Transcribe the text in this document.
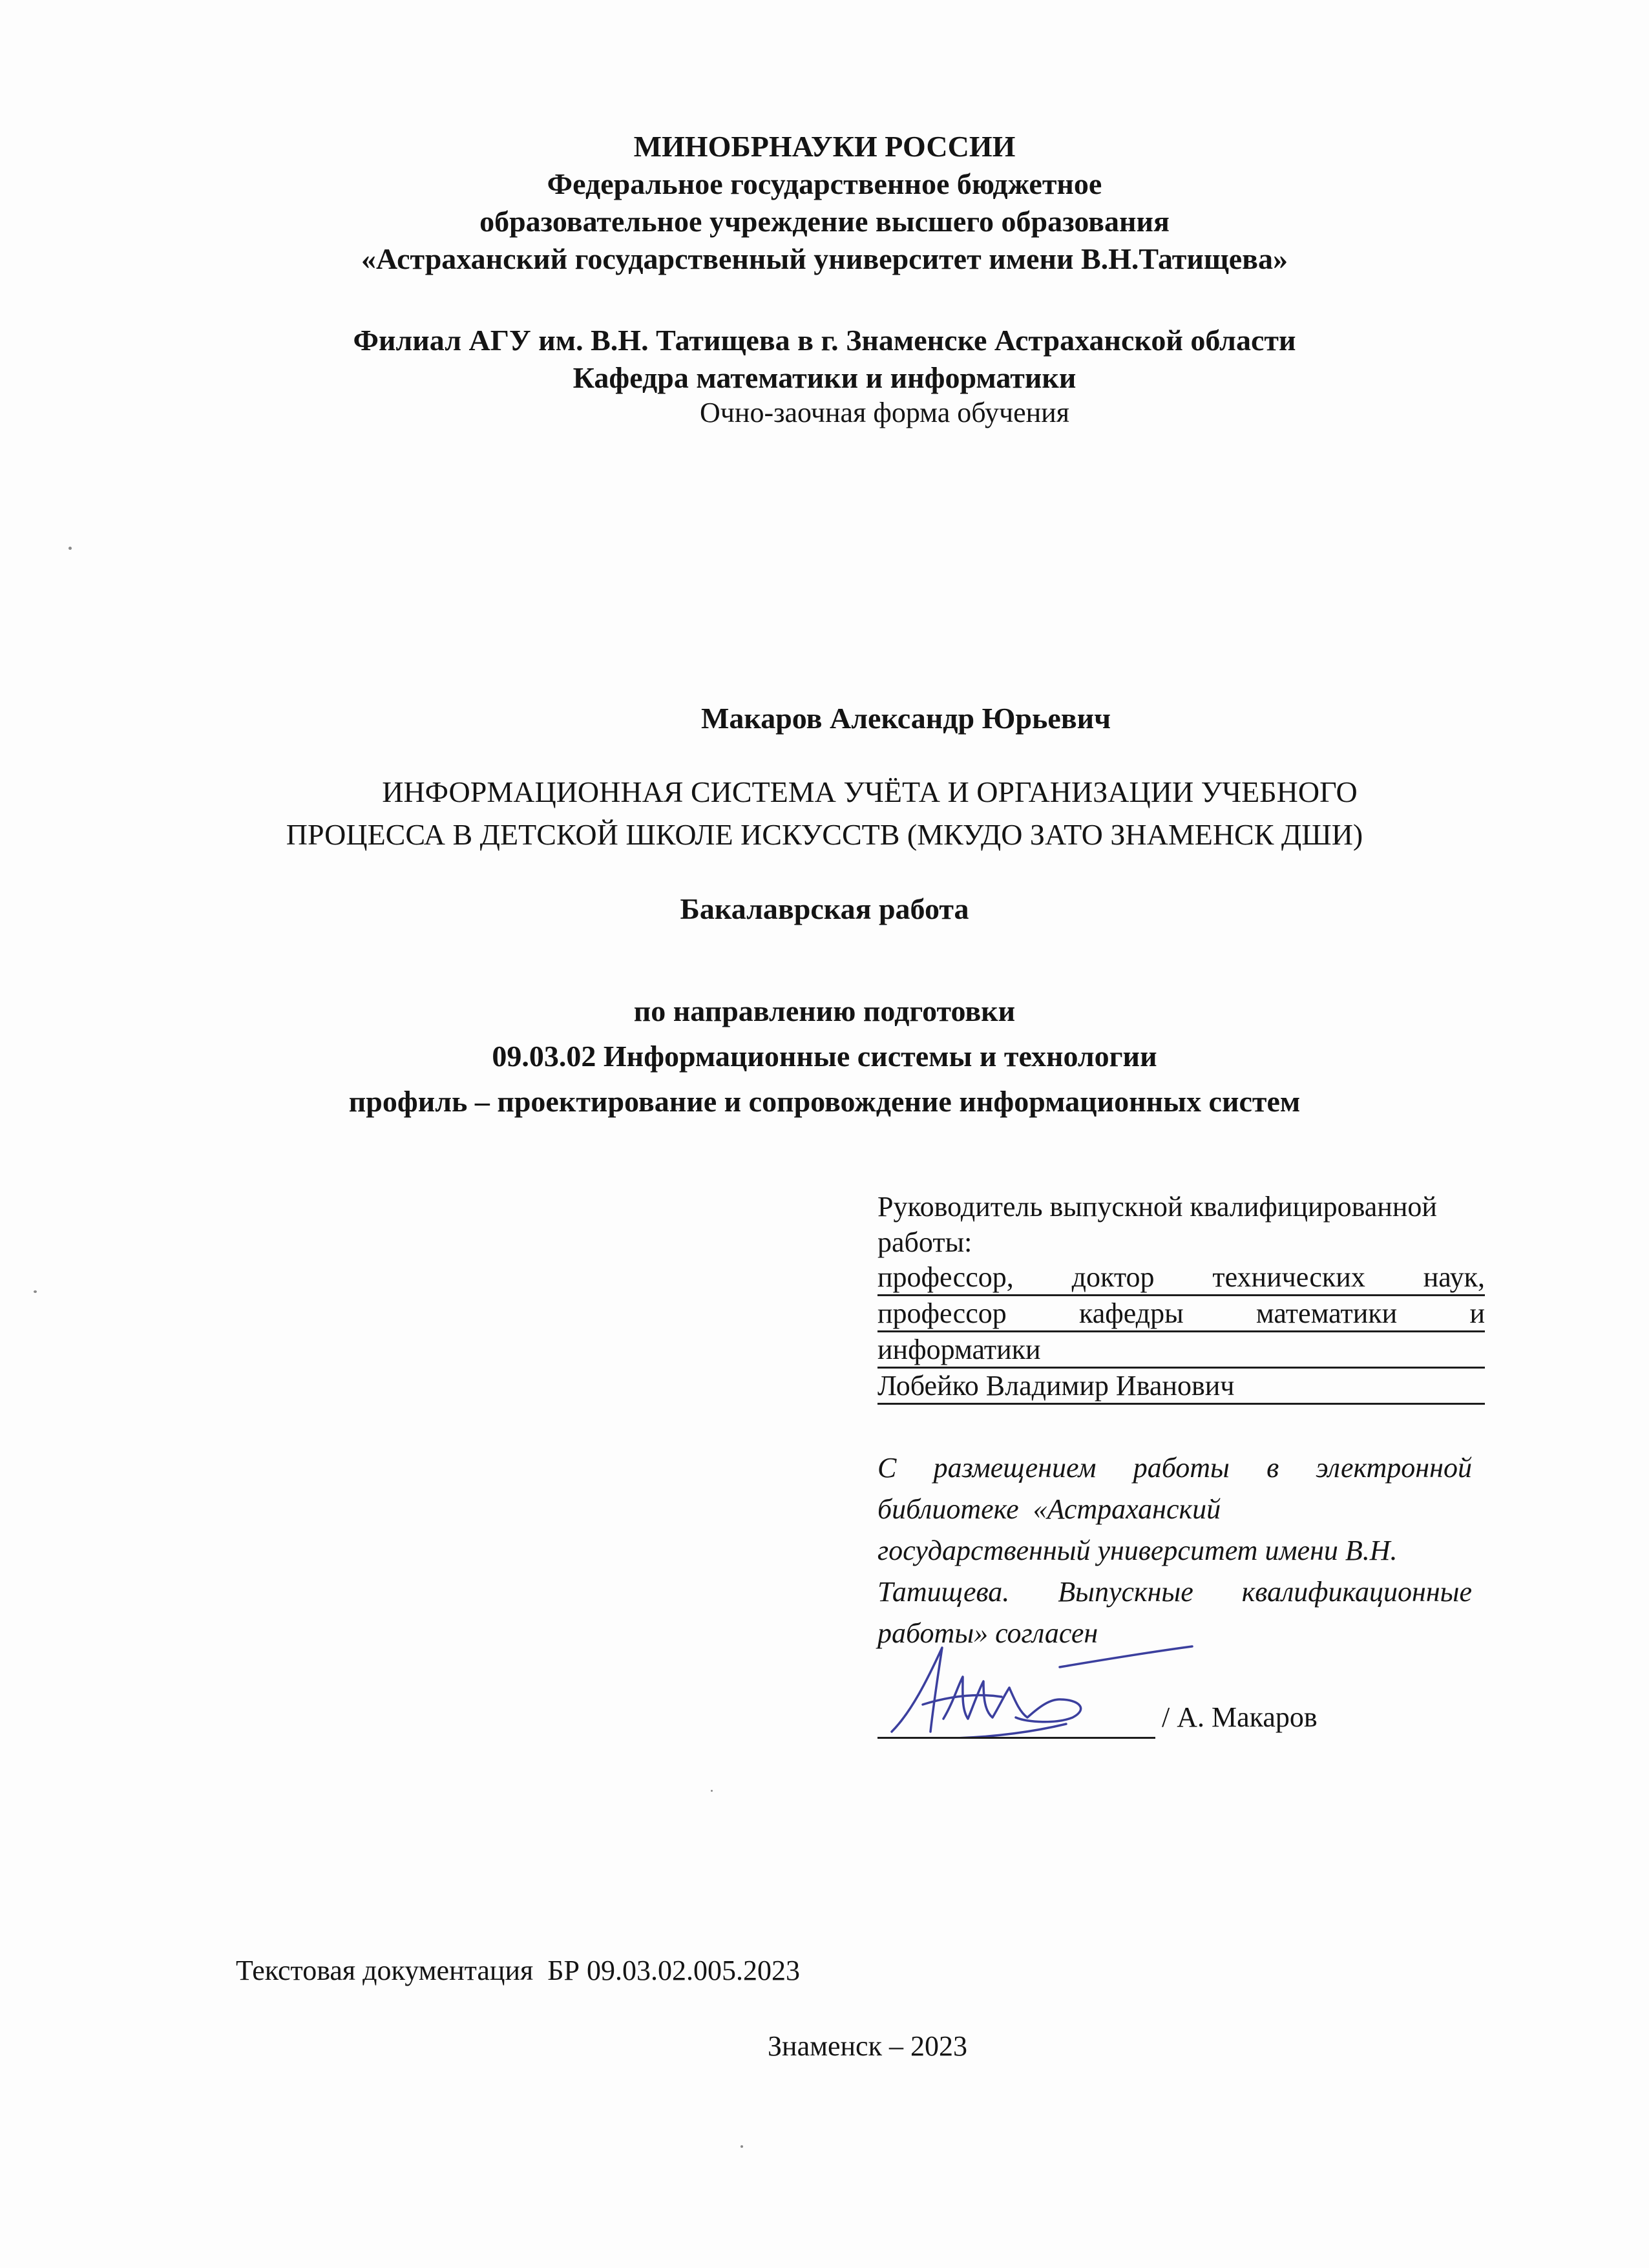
МИНОБРНАУКИ РОССИИ
Федеральное государственное бюджетное
образовательное учреждение высшего образования
«Астраханский государственный университет имени В.Н.Татищева»
Филиал АГУ им. В.Н. Татищева в г. Знаменске Астраханской области
Кафедра математики и информатики
Очно-заочная форма обучения
Макаров Александр Юрьевич
ИНФОРМАЦИОННАЯ СИСТЕМА УЧЁТА И ОРГАНИЗАЦИИ УЧЕБНОГО
ПРОЦЕССА В ДЕТСКОЙ ШКОЛЕ ИСКУССТВ (МКУДО ЗАТО ЗНАМЕНСК ДШИ)
Бакалаврская работа
по направлению подготовки
09.03.02 Информационные системы и технологии
профиль – проектирование и сопровождение информационных систем
Руководитель выпускной квалифицированной
работы:
профессор, доктор технических наук,
профессор	кафедры	математики	и
информатики
Лобейко Владимир Иванович
С размещением работы в электронной
библиотеке  «Астраханский
государственный университет имени В.Н.
Татищева. Выпускные квалификационные
работы» согласен
/ А. Макаров
Текстовая документация  БР 09.03.02.005.2023
Знаменск – 2023
